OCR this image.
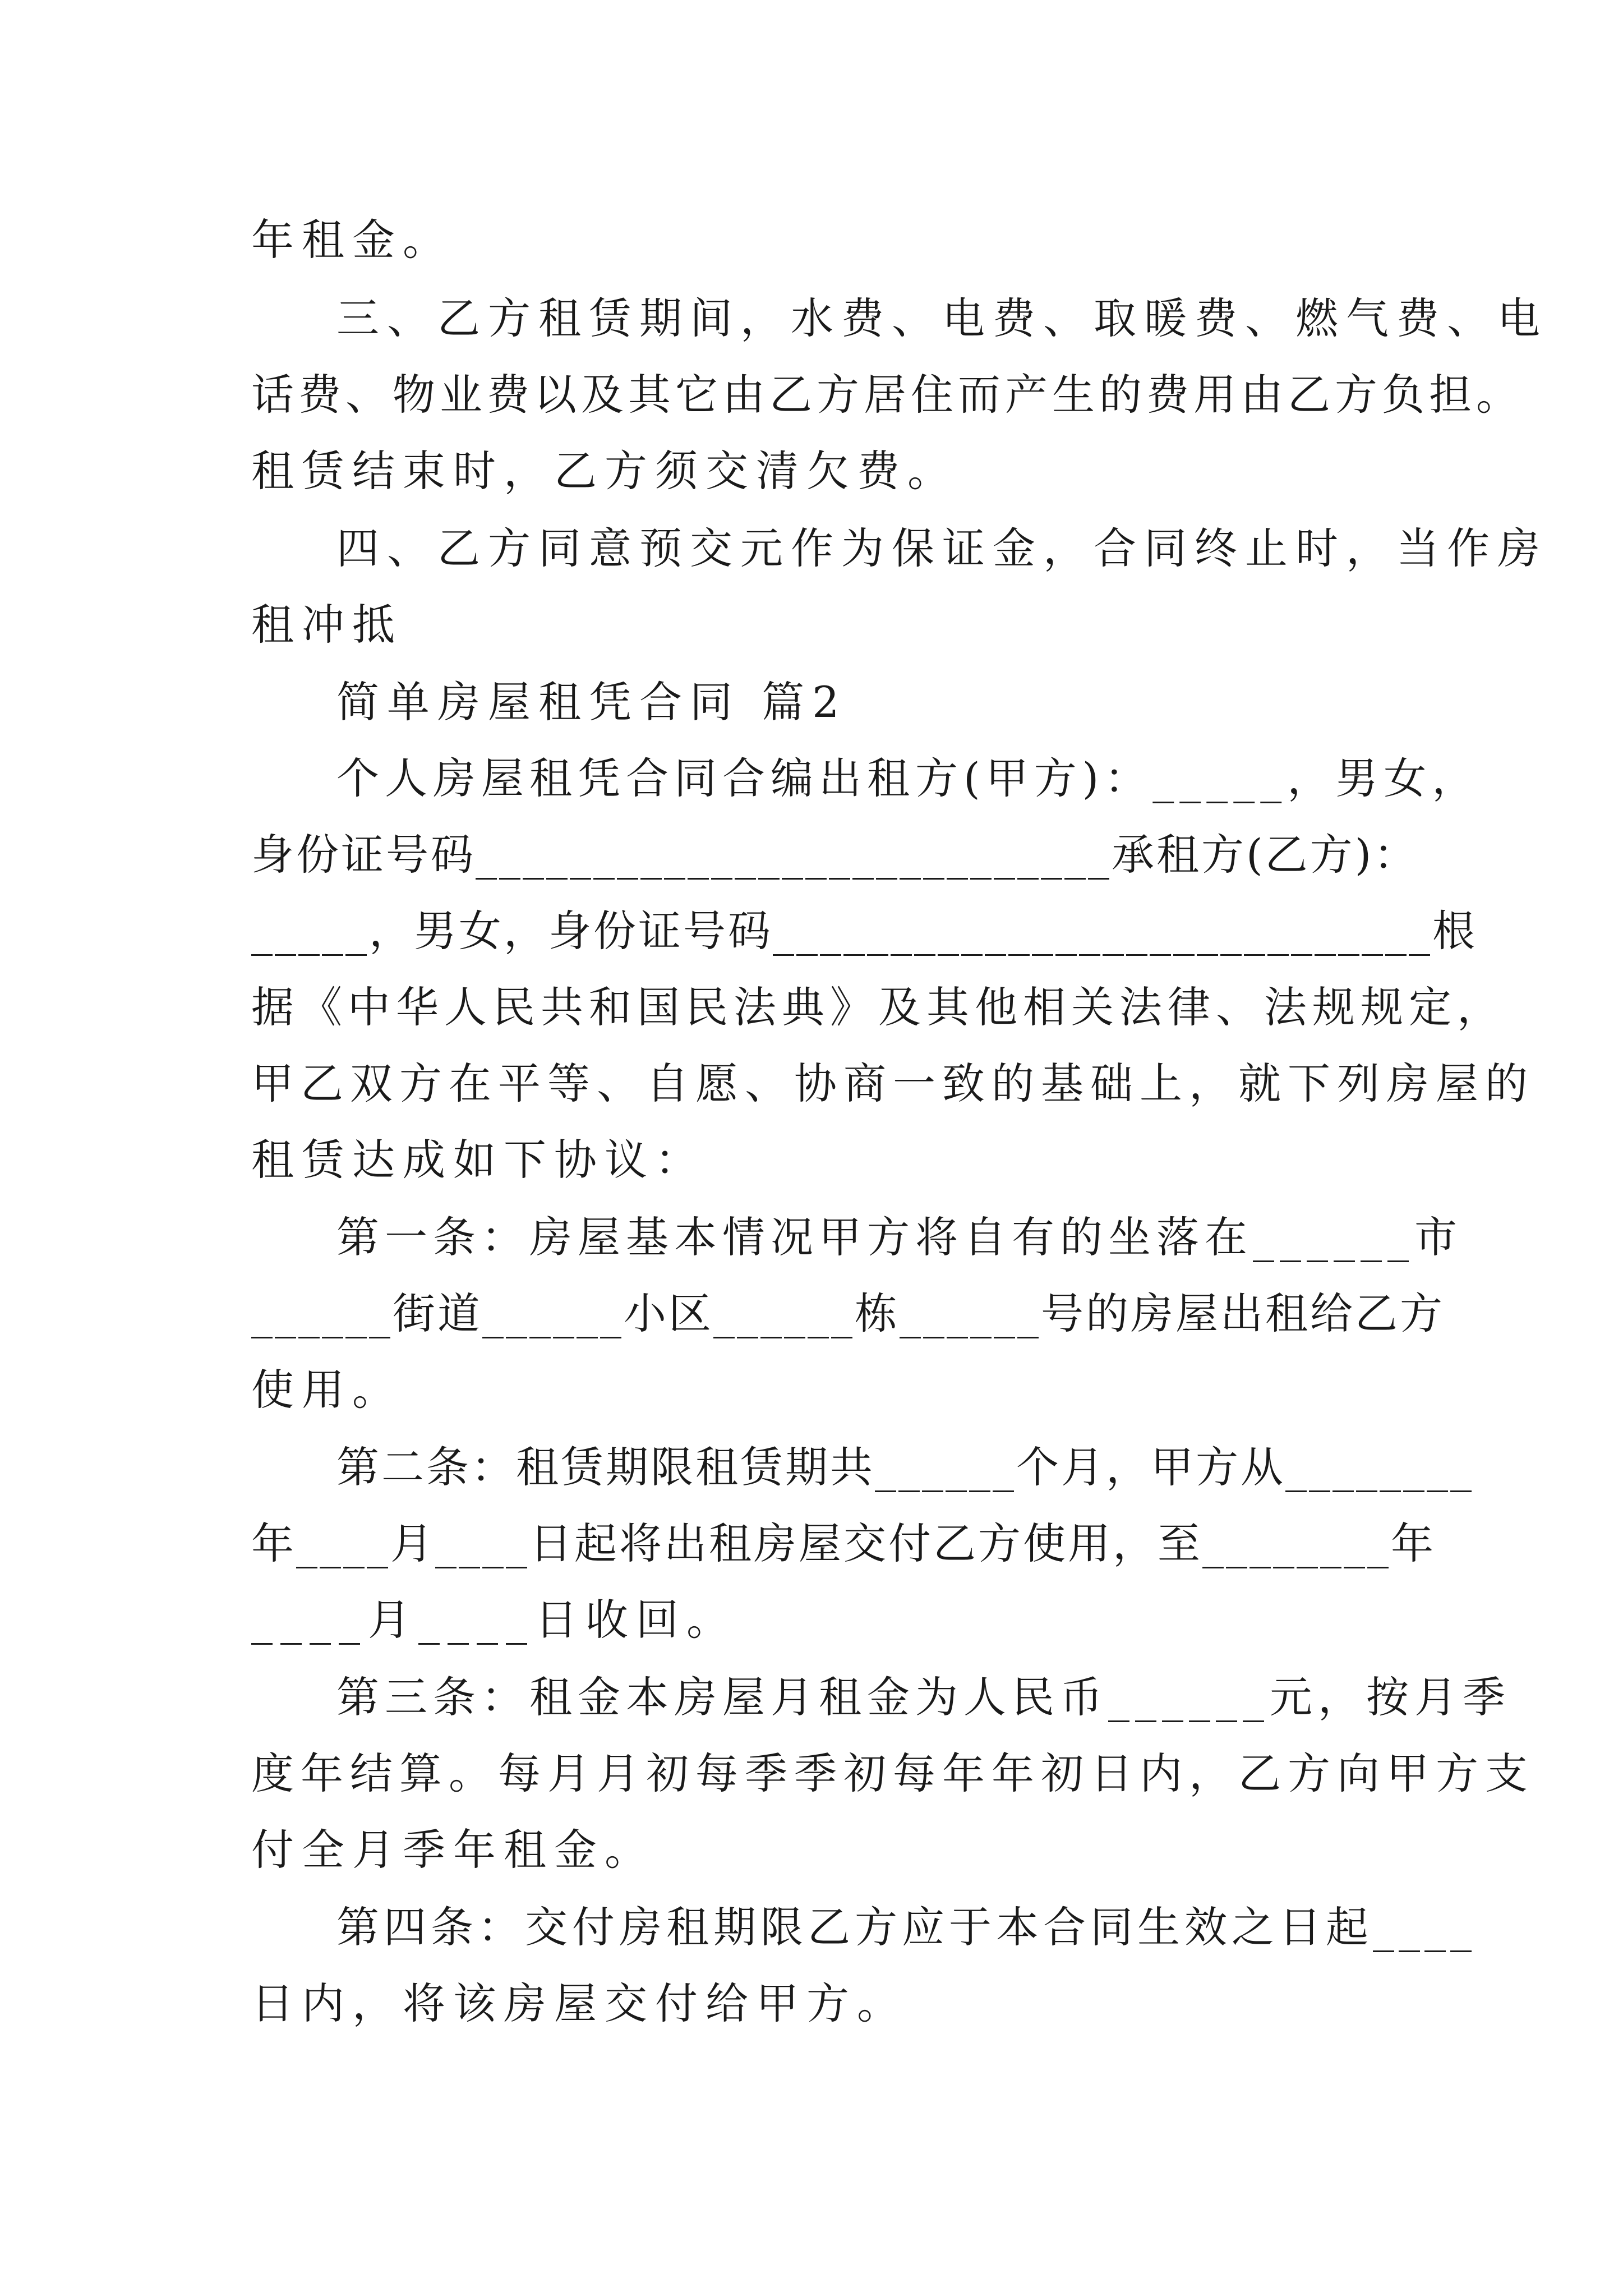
年租金。
三、乙方租赁期间，水费、电费、取暖费、燃气费、电
话费、物业费以及其它由乙方居住而产生的费用由乙方负担。
租赁结束时，乙方须交清欠费。
四、乙方同意预交元作为保证金，合同终止时，当作房
租冲抵
简单房屋租凭合同 篇2
个人房屋租凭合同合编出租方(甲方)：_____，男女，
身份证号码___________________________承租方(乙方)：
_____，男女，身份证号码____________________________根
据《中华人民共和国民法典》及其他相关法律、法规规定，
甲乙双方在平等、自愿、协商一致的基础上，就下列房屋的
租赁达成如下协议：
第一条：房屋基本情况甲方将自有的坐落在______市
______街道______小区______栋______号的房屋出租给乙方
使用。
第二条：租赁期限租赁期共______个月，甲方从________
年____月____日起将出租房屋交付乙方使用，至________年
____月____日收回。
第三条：租金本房屋月租金为人民币______元，按月季
度年结算。每月月初每季季初每年年初日内，乙方向甲方支
付全月季年租金。
第四条：交付房租期限乙方应于本合同生效之日起____
日内，将该房屋交付给甲方。
